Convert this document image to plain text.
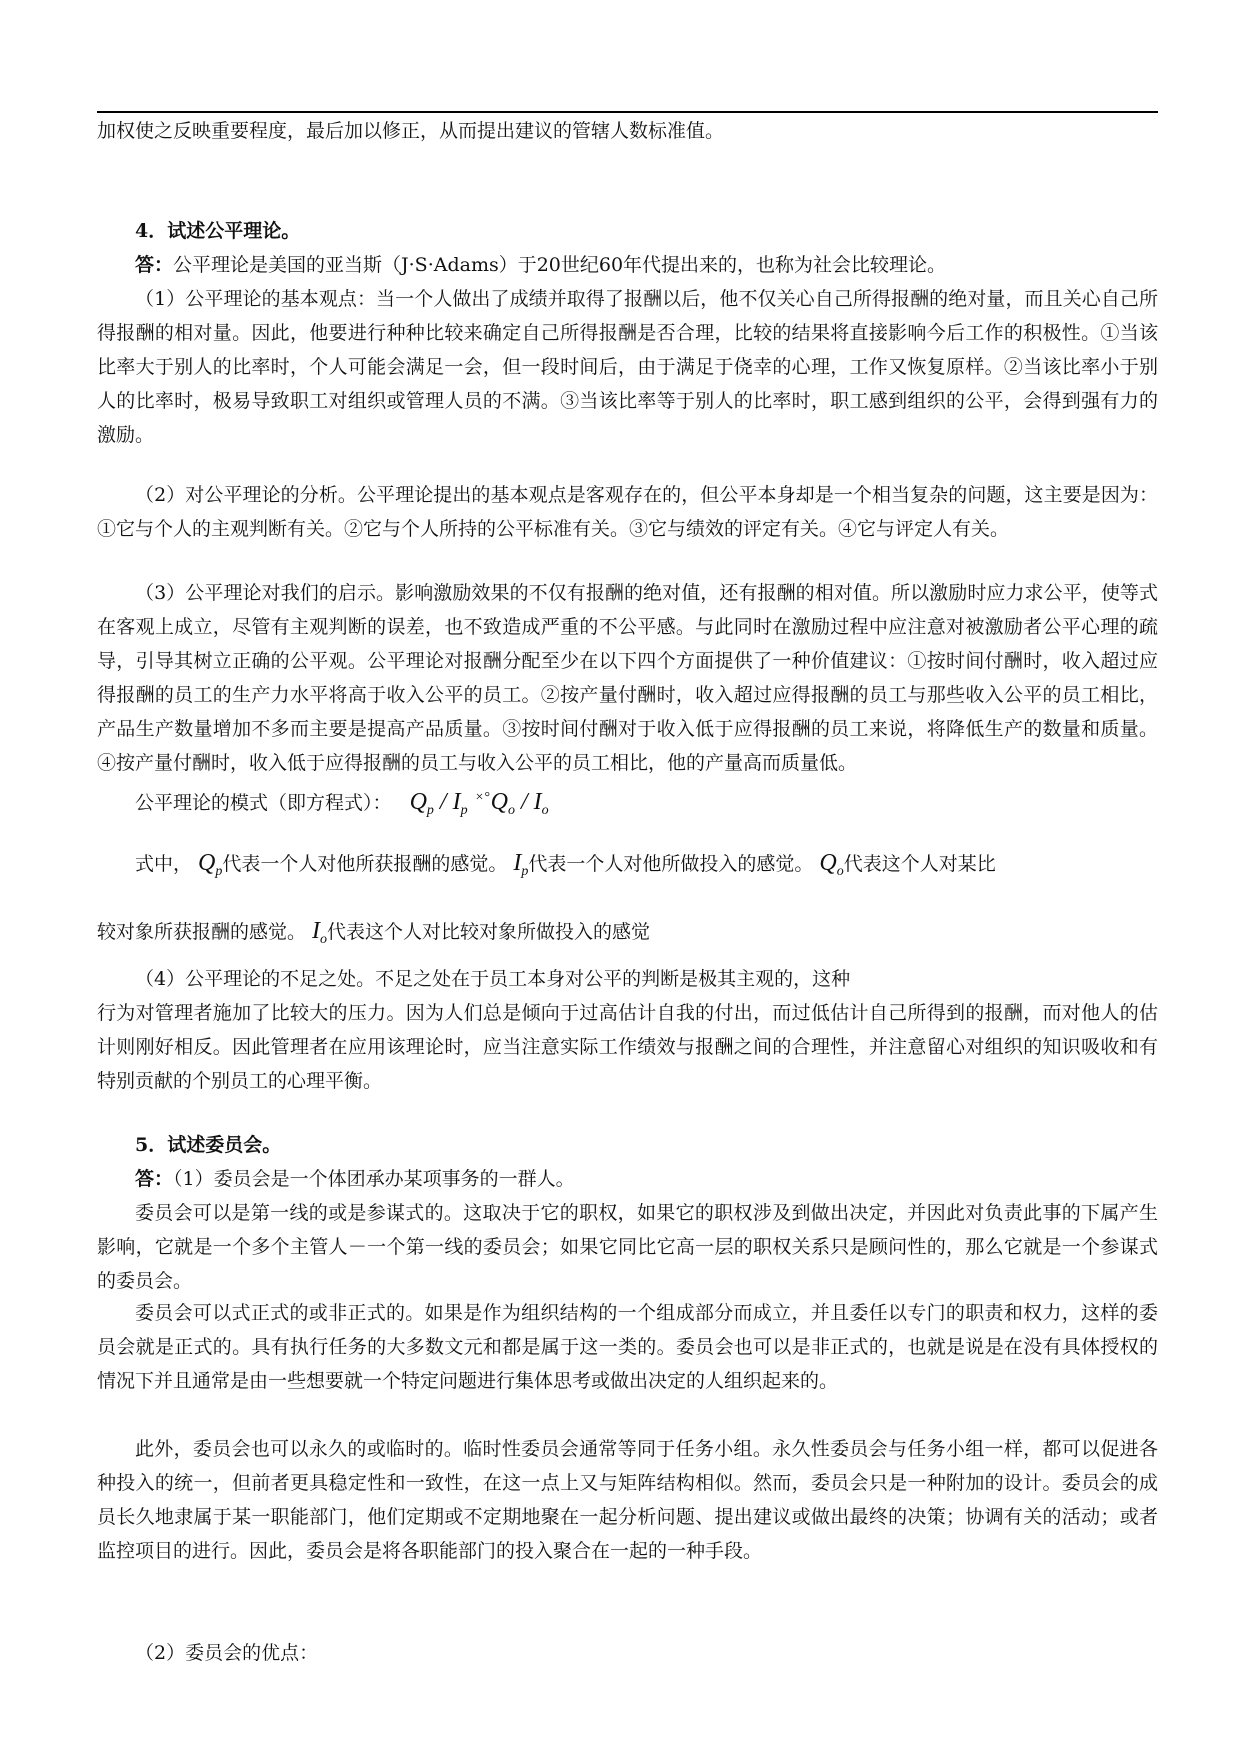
加权使之反映重要程度，最后加以修正，从而提出建议的管辖人数标准值。

4．试述公平理论。

答：公平理论是美国的亚当斯（J·S·Adams）于20世纪60年代提出来的，也称为社会比较理论。

（1）公平理论的基本观点：当一个人做出了成绩并取得了报酬以后，他不仅关心自己所得报酬的绝对量，而且关心自己所得报酬的相对量。因此，他要进行种种比较来确定自己所得报酬是否合理，比较的结果将直接影响今后工作的积极性。①当该比率大于别人的比率时，个人可能会满足一会，但一段时间后，由于满足于侥幸的心理，工作又恢复原样。②当该比率小于别人的比率时，极易导致职工对组织或管理人员的不满。③当该比率等于别人的比率时，职工感到组织的公平，会得到强有力的激励。

（2）对公平理论的分析。公平理论提出的基本观点是客观存在的，但公平本身却是一个相当复杂的问题，这主要是因为：①它与个人的主观判断有关。②它与个人所持的公平标准有关。③它与绩效的评定有关。④它与评定人有关。

（3）公平理论对我们的启示。影响激励效果的不仅有报酬的绝对值，还有报酬的相对值。所以激励时应力求公平，使等式在客观上成立，尽管有主观判断的误差，也不致造成严重的不公平感。与此同时在激励过程中应注意对被激励者公平心理的疏导，引导其树立正确的公平观。公平理论对报酬分配至少在以下四个方面提供了一种价值建议：①按时间付酬时，收入超过应得报酬的员工的生产力水平将高于收入公平的员工。②按产量付酬时，收入超过应得报酬的员工与那些收入公平的员工相比，产品生产数量增加不多而主要是提高产品质量。③按时间付酬对于收入低于应得报酬的员工来说，将降低生产的数量和质量。④按产量付酬时，收入低于应得报酬的员工与收入公平的员工相比，他的产量高而质量低。

公平理论的模式（即方程式）： $Q_p / I_p$ $^{\times^\circ}Q_o / I_o$
式中， $Q_p$代表一个人对他所获报酬的感觉。 $I_p$代表一个人对他所做投入的感觉。 $Q_o$代表这个人对某比
较对象所获报酬的感觉。 $I_o$代表这个人对比较对象所做投入的感觉

（4）公平理论的不足之处。不足之处在于员工本身对公平的判断是极其主观的，这种

行为对管理者施加了比较大的压力。因为人们总是倾向于过高估计自我的付出，而过低估计自己所得到的报酬，而对他人的估计则刚好相反。因此管理者在应用该理论时，应当注意实际工作绩效与报酬之间的合理性，并注意留心对组织的知识吸收和有特别贡献的个别员工的心理平衡。

5．试述委员会。

答：（1）委员会是一个体团承办某项事务的一群人。

委员会可以是第一线的或是参谋式的。这取决于它的职权，如果它的职权涉及到做出决定，并因此对负责此事的下属产生影响，它就是一个多个主管人－一个第一线的委员会；如果它同比它高一层的职权关系只是顾问性的，那么它就是一个参谋式的委员会。

委员会可以式正式的或非正式的。如果是作为组织结构的一个组成部分而成立，并且委任以专门的职责和权力，这样的委员会就是正式的。具有执行任务的大多数文元和都是属于这一类的。委员会也可以是非正式的，也就是说是在没有具体授权的情况下并且通常是由一些想要就一个特定问题进行集体思考或做出决定的人组织起来的。

此外，委员会也可以永久的或临时的。临时性委员会通常等同于任务小组。永久性委员会与任务小组一样，都可以促进各种投入的统一，但前者更具稳定性和一致性，在这一点上又与矩阵结构相似。然而，委员会只是一种附加的设计。委员会的成员长久地隶属于某一职能部门，他们定期或不定期地聚在一起分析问题、提出建议或做出最终的决策；协调有关的活动；或者监控项目的进行。因此，委员会是将各职能部门的投入聚合在一起的一种手段。

（2）委员会的优点：
